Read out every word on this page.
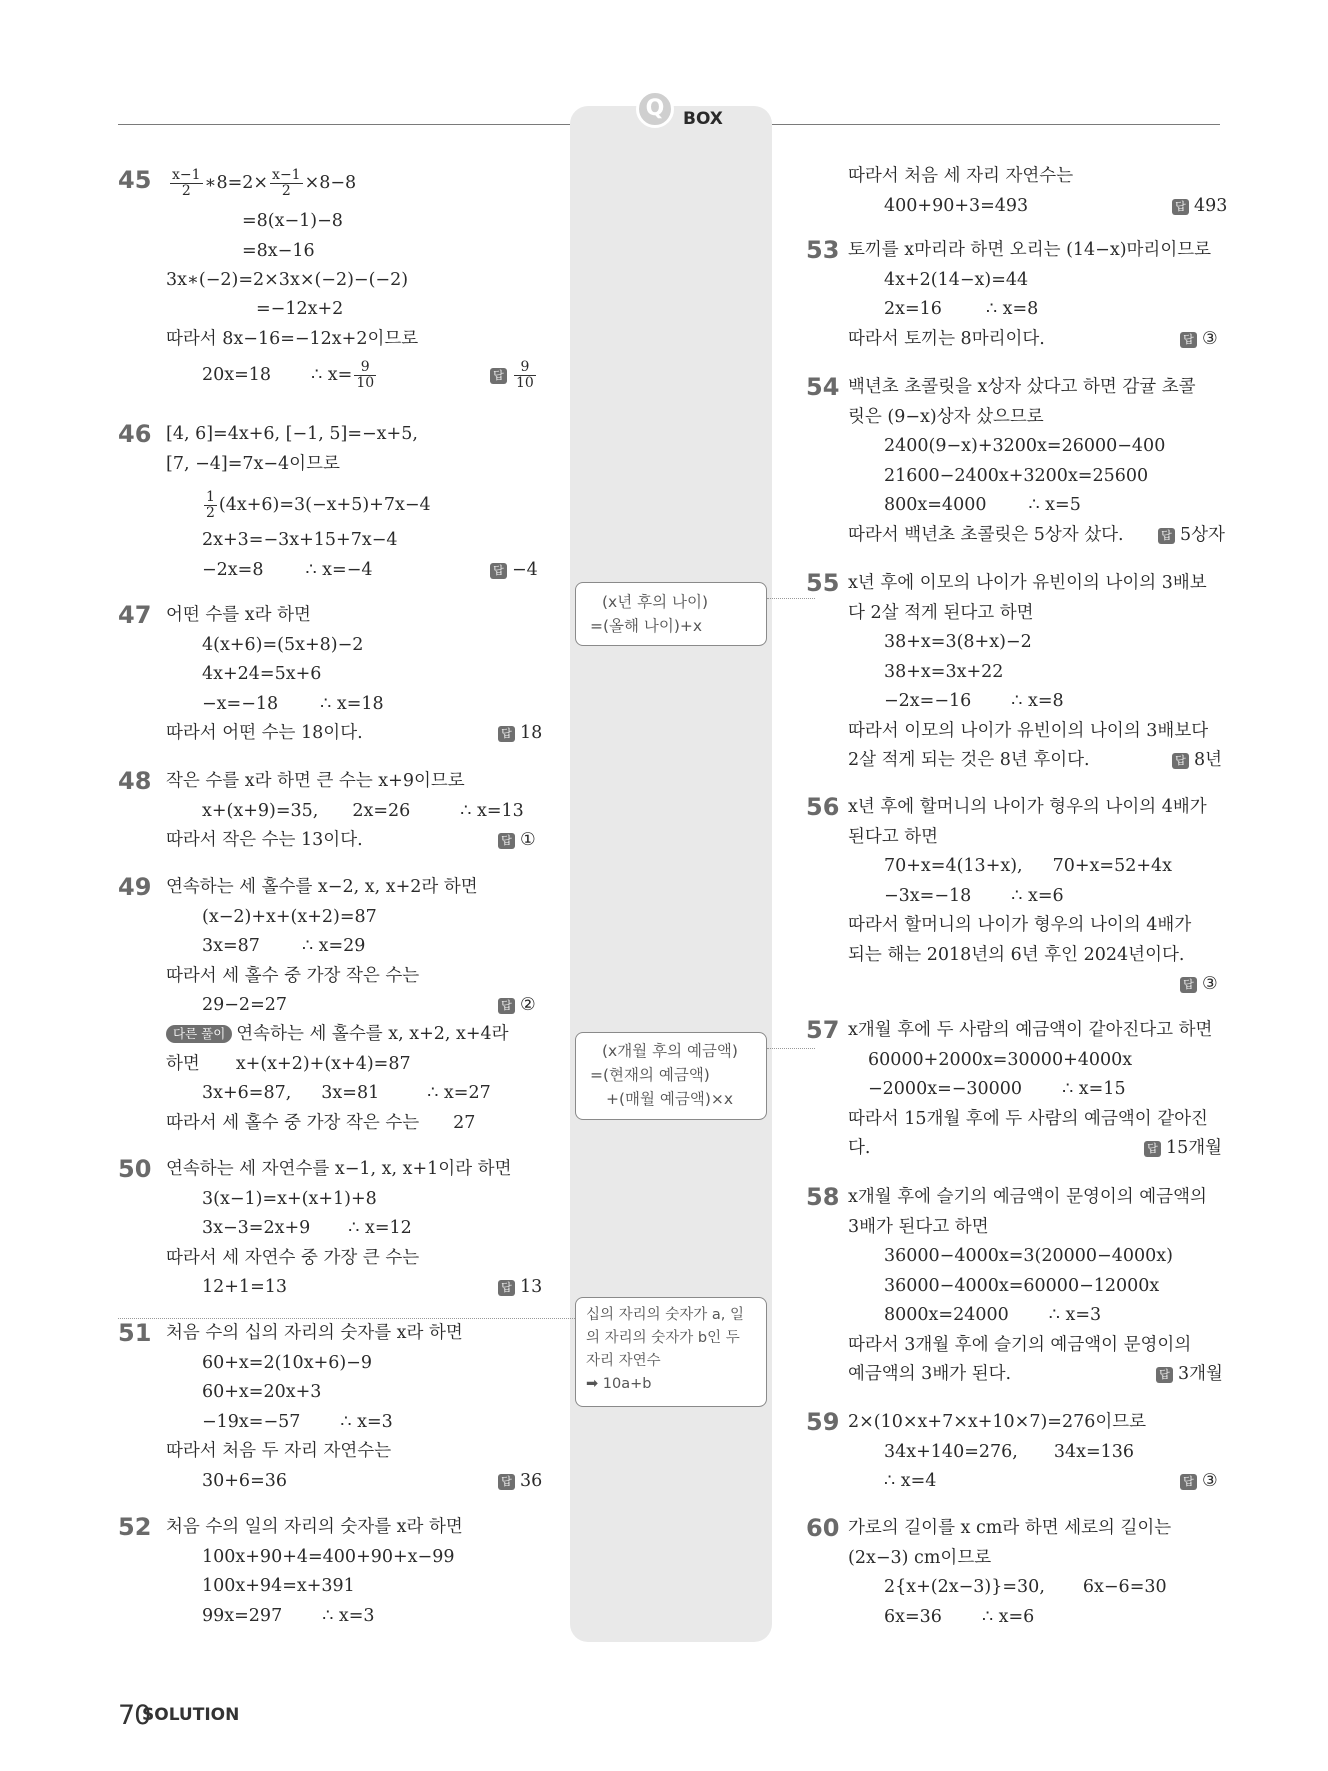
Q	BOX
(x년 후의 나이)
=(올해 나이)+x
(x개월 후의 예금액)
=(현재의 예금액)
+(매월 예금액)×x
십의 자리의 숫자가 a, 일
의 자리의 숫자가 b인 두
자리 자연수
➡ 10a+b
$45 \frac{x-1}{2}$ ∗8=2× $\frac{x-1}{2} \times 8-8$
=8(x−1)−8
=8x−16
3x∗(−2)=2×3x×(−2)−(−2)
=−12x+2
따라서 8x−16=−12x+2이므로
20x=18 ∴ $x= \frac{9}{10}$	답 $\frac{9}{10}$
46 [4, 6]=4x+6, [−1, 5]=−x+5,
[7, −4]=7x−4이므로
$\frac{1}{2} (4x+6)=3(-x+5)+7x-4$
2x+3=−3x+15+7x−4
−2x=8 ∴ x=−4	답 −4
47 어떤 수를 x라 하면
4(x+6)=(5x+8)−2
4x+24=5x+6
−x=−18 ∴ x=18
따라서 어떤 수는 18이다.	답 18
48 작은 수를 x라 하면 큰 수는 x+9이므로
x+(x+9)=35, 2x=26	∴ x=13
따라서 작은 수는 13이다.	답 ①
49 연속하는 세 홀수를 x−2, x, x+2라 하면
(x−2)+x+(x+2)=87
3x=87 ∴ x=29
따라서 세 홀수 중 가장 작은 수는
29−2=27	답 ②
다른 풀이 연속하는 세 홀수를 x, x+2, x+4라
하면 x+(x+2)+(x+4)=87
3x+6=87, 3x=81	∴ x=27
따라서 세 홀수 중 가장 작은 수는 27
50 연속하는 세 자연수를 x−1, x, x+1이라 하면
3(x−1)=x+(x+1)+8
3x−3=2x+9 ∴ x=12
따라서 세 자연수 중 가장 큰 수는
12+1=13	답 13
51 처음 수의 십의 자리의 숫자를 x라 하면
60+x=2(10x+6)−9
60+x=20x+3
−19x=−57 ∴ x=3
따라서 처음 두 자리 자연수는
30+6=36	답 36
52 처음 수의 일의 자리의 숫자를 x라 하면
100x+90+4=400+90+x−99
100x+94=x+391
99x=297 ∴ x=3
따라서 처음 세 자리 자연수는
400+90+3=493	답 493
53 토끼를 x마리라 하면 오리는 (14−x)마리이므로
4x+2(14−x)=44
2x=16	∴ x=8
따라서 토끼는 8마리이다.	답 ③
54 백년초 초콜릿을 x상자 샀다고 하면 감귤 초콜
릿은 (9−x)상자 샀으므로
2400(9−x)+3200x=26000−400
21600−2400x+3200x=25600
800x=4000 ∴ x=5
따라서 백년초 초콜릿은 5상자 샀다.	답 5상자
55 x년 후에 이모의 나이가 유빈이의 나이의 3배보
다 2살 적게 된다고 하면
38+x=3(8+x)−2
38+x=3x+22
−2x=−16 ∴ x=8
따라서 이모의 나이가 유빈이의 나이의 3배보다
2살 적게 되는 것은 8년 후이다.	답 8년
56 x년 후에 할머니의 나이가 형우의 나이의 4배가
된다고 하면
70+x=4(13+x), 70+x=52+4x
−3x=−18 ∴ x=6
따라서 할머니의 나이가 형우의 나이의 4배가
되는 해는 2018년의 6년 후인 2024년이다.
답 ③
57 x개월 후에 두 사람의 예금액이 같아진다고 하면
60000+2000x=30000+4000x
−2000x=−30000 ∴ x=15
따라서 15개월 후에 두 사람의 예금액이 같아진
다.	답 15개월
58 x개월 후에 슬기의 예금액이 문영이의 예금액의
3배가 된다고 하면
36000−4000x=3(20000−4000x)
36000−4000x=60000−12000x
8000x=24000 ∴ x=3
따라서 3개월 후에 슬기의 예금액이 문영이의
예금액의 3배가 된다.	답 3개월
59 2×(10×x+7×x+10×7)=276이므로
34x+140=276, 34x=136
∴ x=4	답 ③
60 가로의 길이를 x cm라 하면 세로의 길이는
(2x−3) cm이므로
2{x+(2x−3)}=30, 6x−6=30
6x=36 ∴ x=6
70
SOLUTION
